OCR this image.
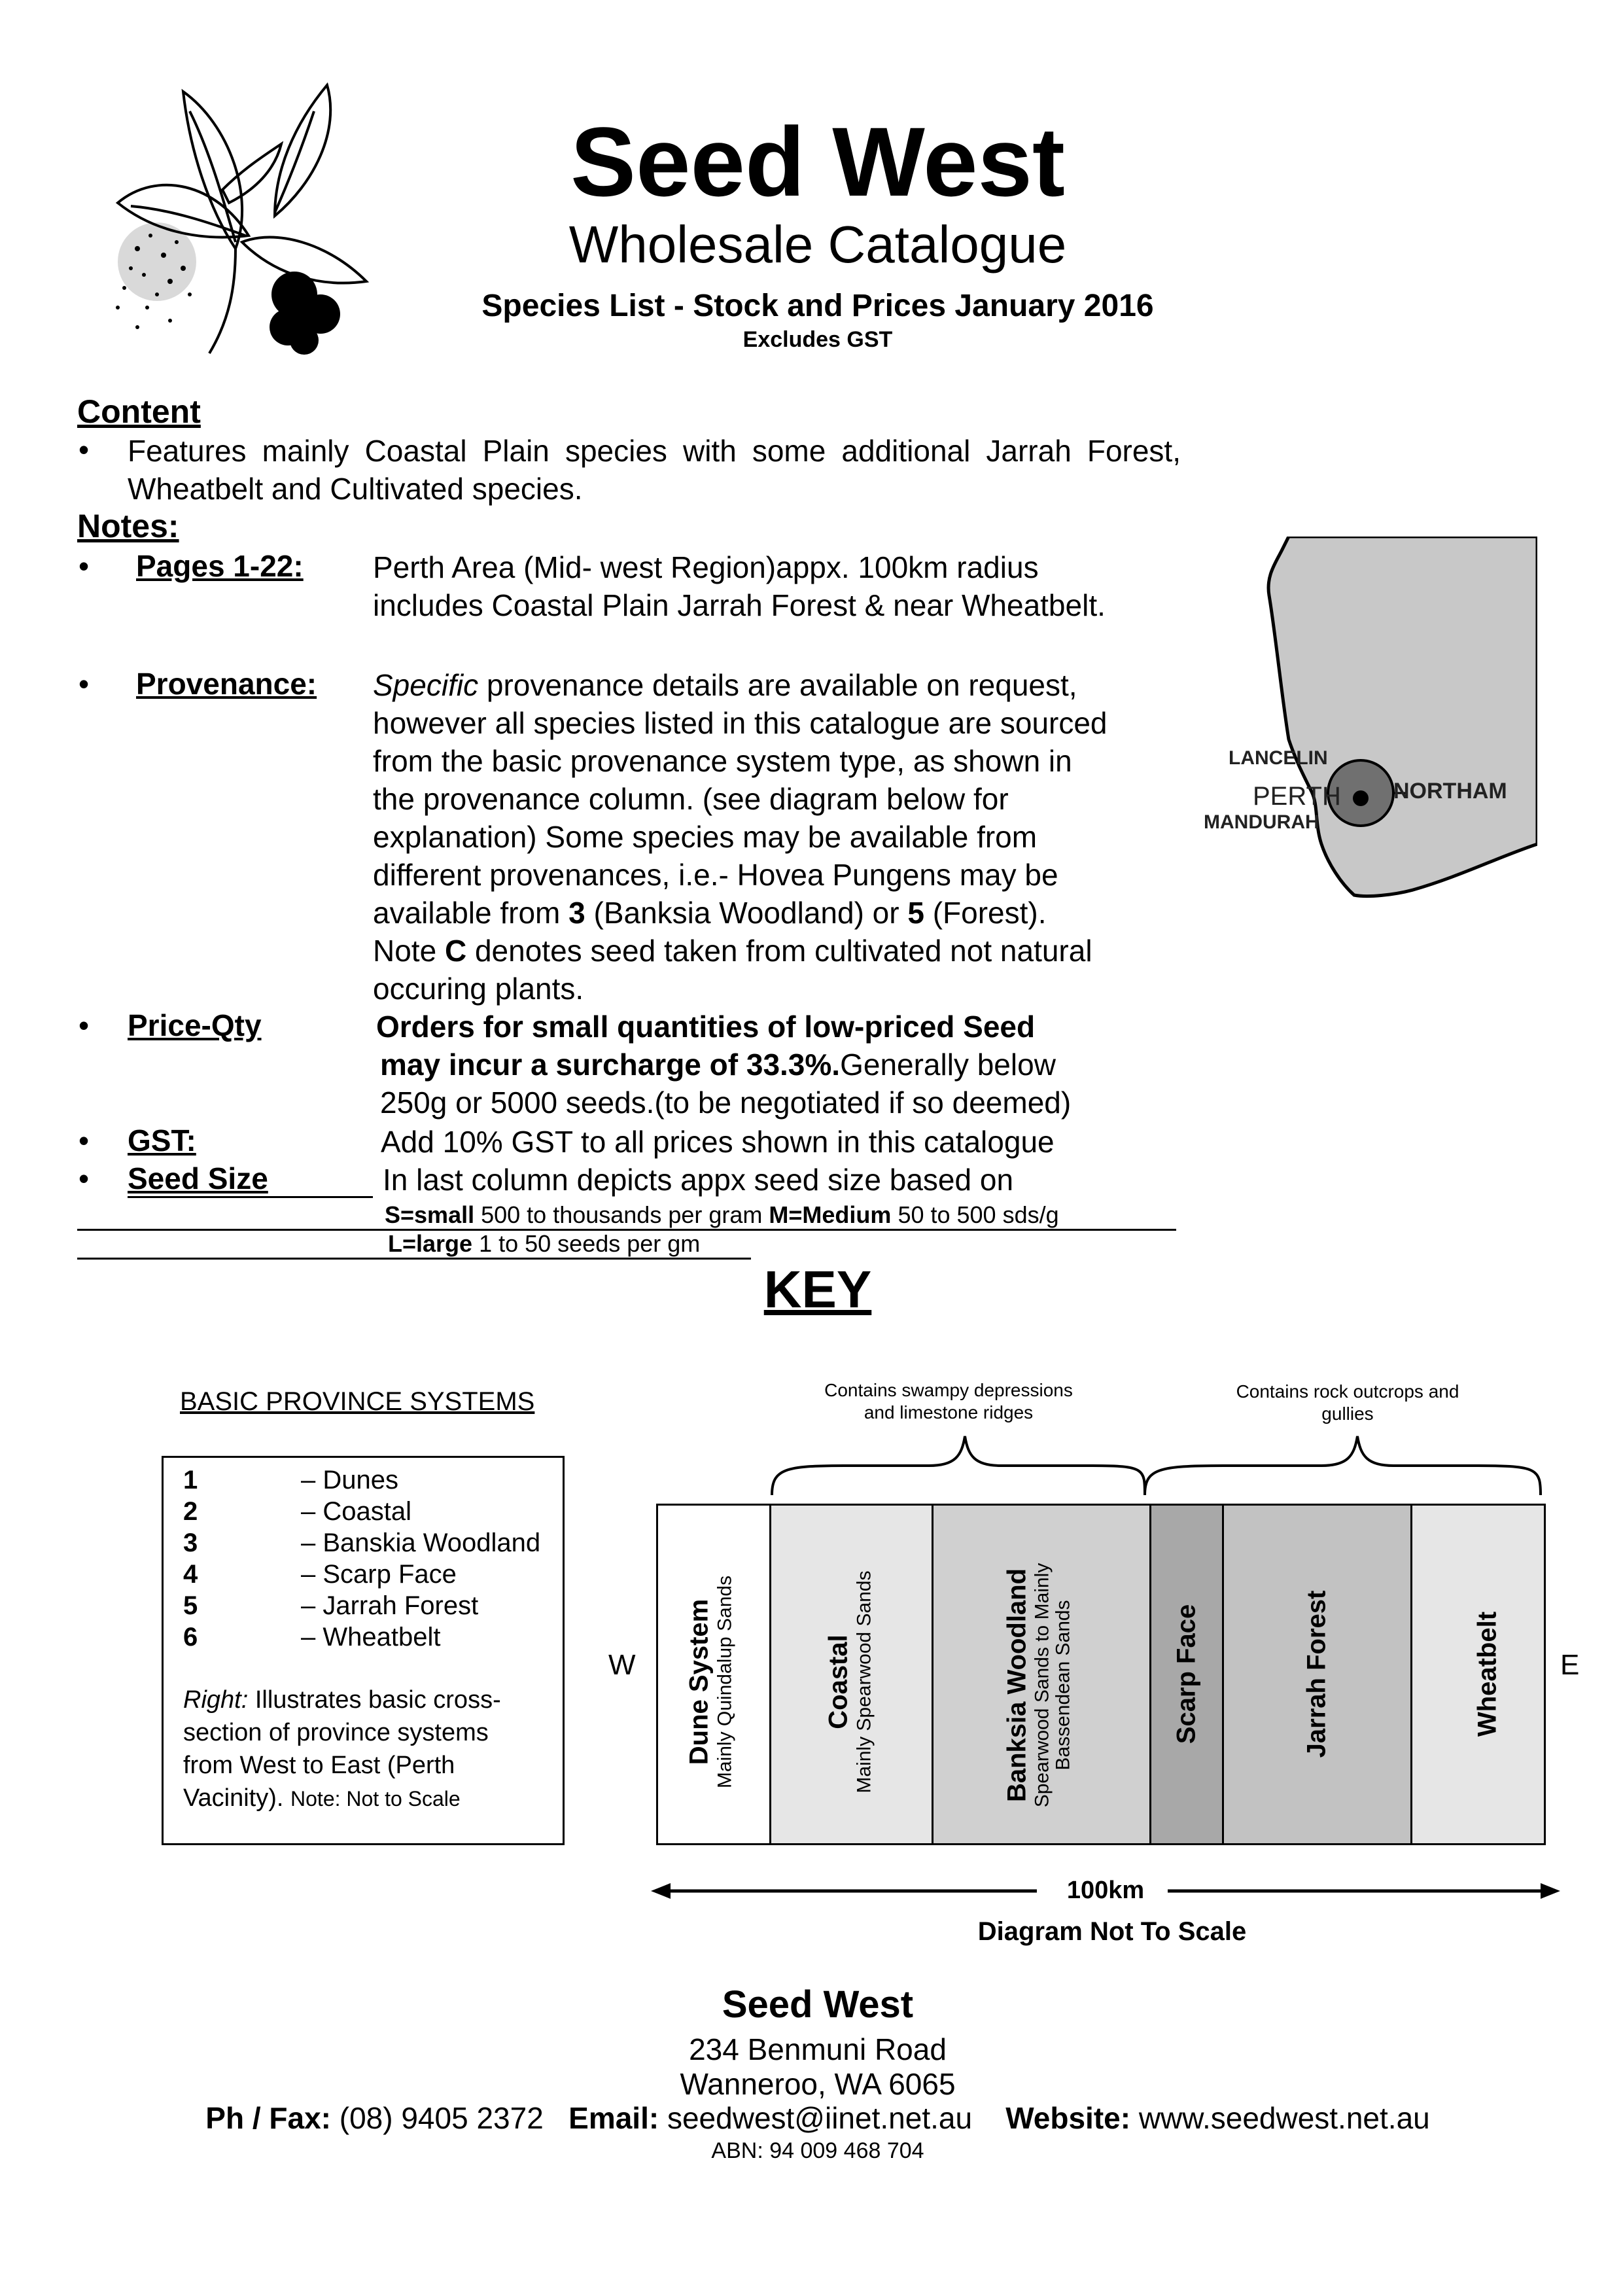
Seed West
Wholesale Catalogue
Species List - Stock and Prices January 2016
Excludes GST
Content
• Features mainly Coastal Plain species with some additional Jarrah Forest, Wheatbelt and Cultivated species.
Notes:
• Pages 1-22: Perth Area (Mid- west Region)appx. 100km radius
includes Coastal Plain Jarrah Forest & near Wheatbelt.
• Provenance: Specific provenance details are available on request,
however all species listed in this catalogue are sourced
from the basic provenance system type, as shown in
the provenance column. (see diagram below for
explanation) Some species may be available from
different provenances, i.e.- Hovea Pungens may be
available from 3 (Banksia Woodland) or 5 (Forest).
Note C denotes seed taken from cultivated not natural
occuring plants.
• Price-Qty	Orders for small quantities of low-priced Seed
may incur a surcharge of 33.3%.Generally below
250g or 5000 seeds.(to be negotiated if so deemed)
• GST:	Add 10% GST to all prices shown in this catalogue
• Seed Size	In last column depicts appx seed size based on
S=small 500 to thousands per gram M=Medium 50 to 500 sds/g
L=large 1 to 50 seeds per gm
LANCELIN
PERTH
MANDURAH
NORTHAM
KEY
BASIC PROVINCE SYSTEMS
1	– Dunes
2	– Coastal
3	– Banskia Woodland
4	– Scarp Face
5	– Jarrah Forest
6	– Wheatbelt
Right: Illustrates basic cross-
section of province systems
from West to East (Perth
Vacinity). Note: Not to Scale
Contains swampy depressions
and limestone ridges
Contains rock outcrops and
gullies
W	E
Dune System Mainly Quindalup Sands	Coastal Mainly Spearwood Sands	Banksia Woodland Spearwood Sands to Mainly
Bassendean Sands	Scarp Face	Jarrah Forest	Wheatbelt
100km
Diagram Not To Scale
Seed West
234 Benmuni Road
Wanneroo, WA 6065
Ph / Fax: (08) 9405 2372 Email: seedwest@iinet.net.au Website: www.seedwest.net.au
ABN: 94 009 468 704
